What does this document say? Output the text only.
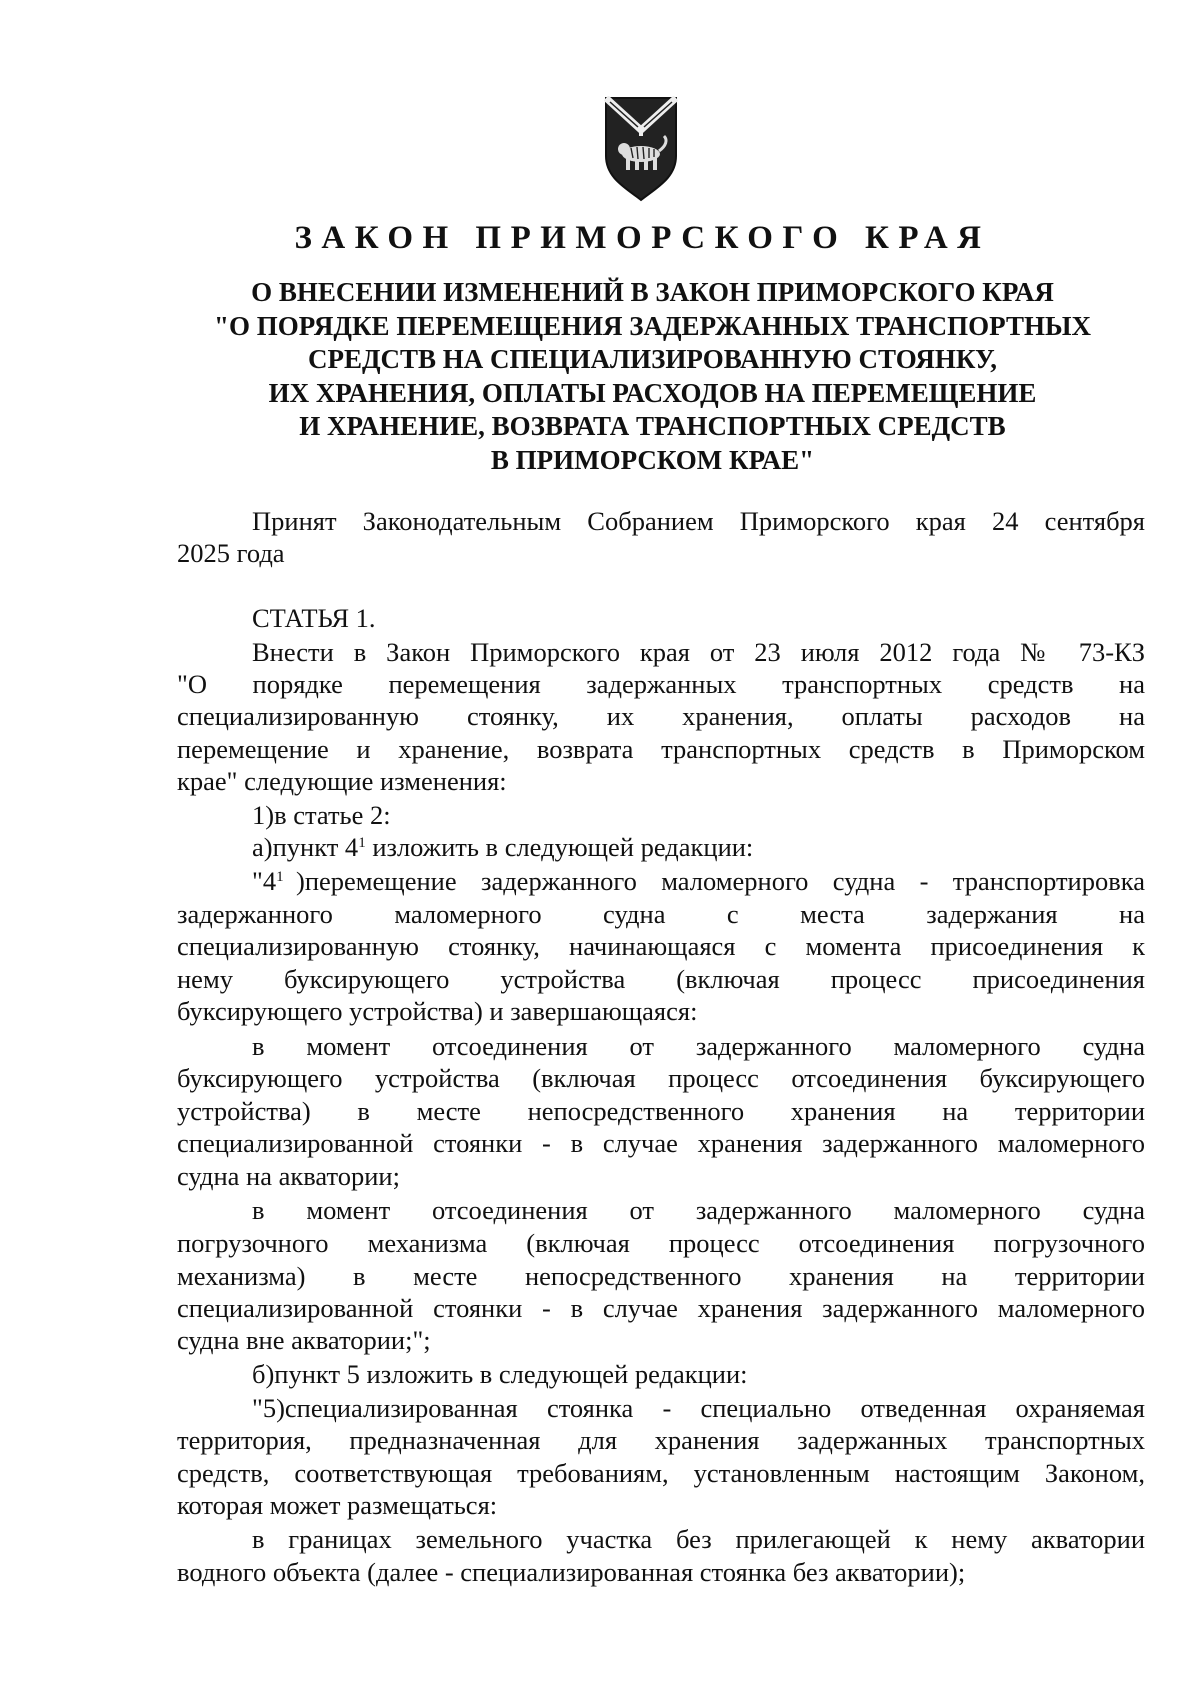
ЗАКОН ПРИМОРСКОГО КРАЯ
О ВНЕСЕНИИ ИЗМЕНЕНИЙ В ЗАКОН ПРИМОРСКОГО КРАЯ
"О ПОРЯДКЕ ПЕРЕМЕЩЕНИЯ ЗАДЕРЖАННЫХ ТРАНСПОРТНЫХ
СРЕДСТВ НА СПЕЦИАЛИЗИРОВАННУЮ СТОЯНКУ,
ИХ ХРАНЕНИЯ, ОПЛАТЫ РАСХОДОВ НА ПЕРЕМЕЩЕНИЕ
И ХРАНЕНИЕ, ВОЗВРАТА ТРАНСПОРТНЫХ СРЕДСТВ
В ПРИМОРСКОМ КРАЕ"
Принят Законодательным Собранием Приморского края 24 сентября
2025 года
СТАТЬЯ 1.
Внести в Закон Приморского края от 23 июля 2012 года № 73-КЗ
"О порядке перемещения задержанных транспортных средств на
специализированную стоянку, их хранения, оплаты расходов на
перемещение и хранение, возврата транспортных средств в Приморском
крае" следующие изменения:
1)в статье 2:
а)пункт $4^1$ изложить в следующей редакции:
"$4^1$ )перемещение задержанного маломерного судна - транспортировка
задержанного маломерного судна с места задержания на
специализированную стоянку, начинающаяся с момента присоединения к
нему буксирующего устройства (включая процесс присоединения
буксирующего устройства) и завершающаяся:
в момент отсоединения от задержанного маломерного судна
буксирующего устройства (включая процесс отсоединения буксирующего
устройства) в месте непосредственного хранения на территории
специализированной стоянки - в случае хранения задержанного маломерного
судна на акватории;
в момент отсоединения от задержанного маломерного судна
погрузочного механизма (включая процесс отсоединения погрузочного
механизма) в месте непосредственного хранения на территории
специализированной стоянки - в случае хранения задержанного маломерного
судна вне акватории;";
б)пункт 5 изложить в следующей редакции:
"5)специализированная стоянка - специально отведенная охраняемая
территория, предназначенная для хранения задержанных транспортных
средств, соответствующая требованиям, установленным настоящим Законом,
которая может размещаться:
в границах земельного участка без прилегающей к нему акватории
водного объекта (далее - специализированная стоянка без акватории);
